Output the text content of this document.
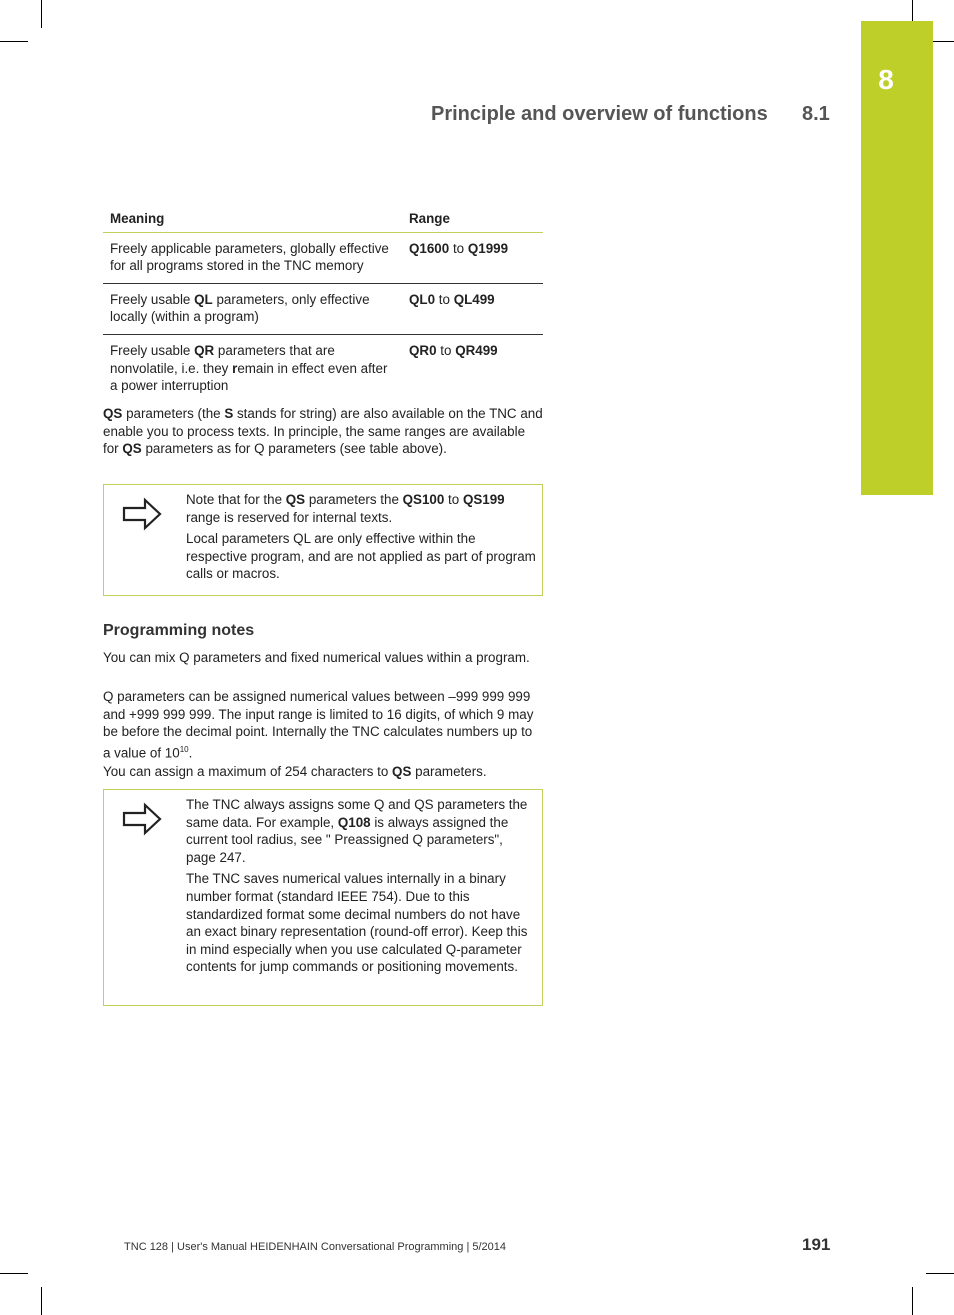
8
Principle and overview of functions 8.1
Meaning	Range
Freely applicable parameters, globally effective for all programs stored in the TNC memory	Q1600 to Q1999
Freely usable QL parameters, only effective locally (within a program)	QL0 to QL499
Freely usable QR parameters that are nonvolatile, i.e. they remain in effect even after a power interruption	QR0 to QR499

QS parameters (the S stands for string) are also available on the TNC and enable you to process texts. In principle, the same ranges are available for QS parameters as for Q parameters (see table above).

Note that for the QS parameters the QS100 to QS199 range is reserved for internal texts.

Local parameters QL are only effective within the respective program, and are not applied as part of program calls or macros.

Programming notes

You can mix Q parameters and fixed numerical values within a program.

Q parameters can be assigned numerical values between –999 999 999 and +999 999 999. The input range is limited to 16 digits, of which 9 may be before the decimal point. Internally the TNC calculates numbers up to a value of $10^{10}$.

You can assign a maximum of 254 characters to QS parameters.

The TNC always assigns some Q and QS parameters the same data. For example, Q108 is always assigned the current tool radius, see " Preassigned Q parameters", page 247.

The TNC saves numerical values internally in a binary number format (standard IEEE 754). Due to this standardized format some decimal numbers do not have an exact binary representation (round-off error). Keep this in mind especially when you use calculated Q-parameter contents for jump commands or positioning movements.

TNC 128 | User's Manual HEIDENHAIN Conversational Programming | 5/2014	191
